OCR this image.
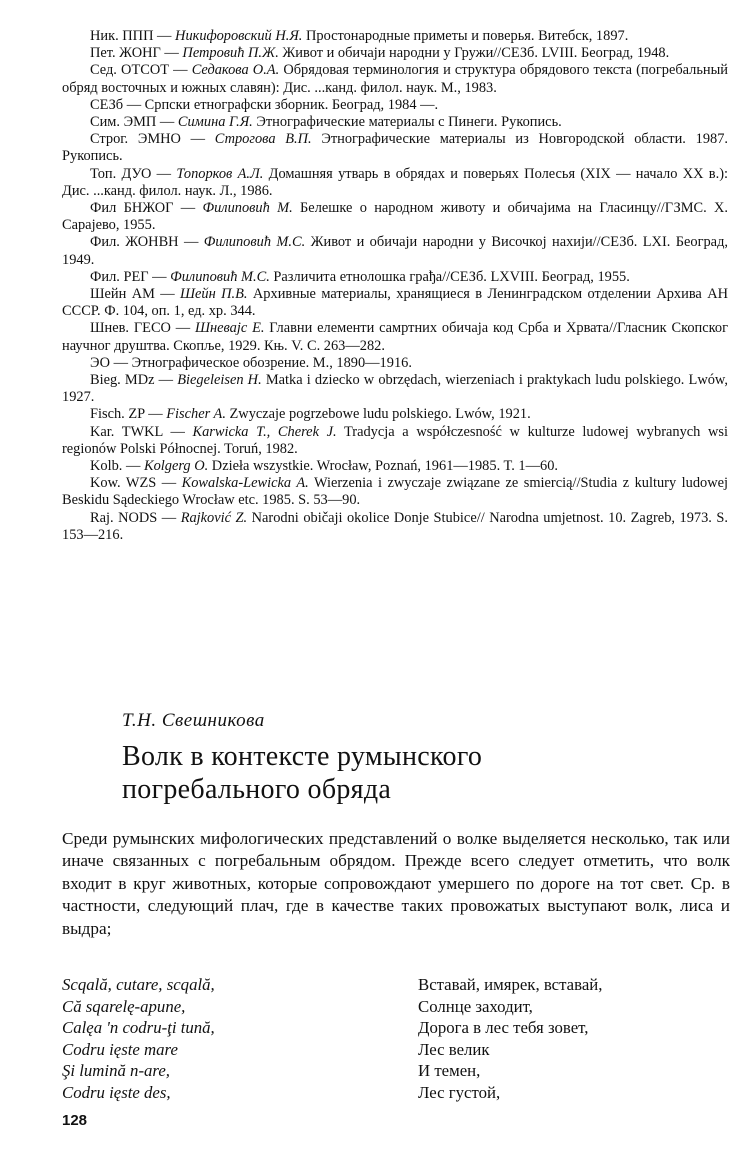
Ник. ППП — Никифоровский Н.Я. Простонародные приметы и поверья. Витебск, 1897.

Пет. ЖОНГ — Петровић П.Ж. Живот и обичаји народни у Гружи//СЕЗб. LVIII. Београд, 1948.

Сед. ОТСОТ — Седакова О.А. Обрядовая терминология и структура обрядового текста (погребальный обряд восточных и южных славян): Дис. ...канд. филол. наук. М., 1983.

СЕЗб — Српски етнографски зборник. Београд, 1984 —.

Сим. ЭМП — Симина Г.Я. Этнографические материалы с Пинеги. Рукопись.

Строг. ЭМНО — Строгова В.П. Этнографические материалы из Новгородской области. 1987. Рукопись.

Топ. ДУО — Топорков А.Л. Домашняя утварь в обрядах и поверьях Полесья (XIX — начало XX в.): Дис. ...канд. филол. наук. Л., 1986.

Фил БНЖОГ — Филиповић М. Белешке о народном животу и обичајима на Гласинцу//ГЗМС. X. Сарајево, 1955.

Фил. ЖОНВН — Филиповић М.С. Живот и обичаји народни у Височкој нахији//СЕЗб. LXI. Београд, 1949.

Фил. РЕГ — Филиповић М.С. Различита етнолошка грађа//СЕЗб. LXVIII. Београд, 1955.

Шейн АМ — Шейн П.В. Архивные материалы, хранящиеся в Ленинградском отделении Архива АН СССР. Ф. 104, оп. 1, ед. хр. 344.

Шнев. ГЕСО — Шневајс Е. Главни елементи самртних обичаја код Срба и Хрвата//Гласник Скопског научног друштва. Скопље, 1929. Књ. V. С. 263—282.

ЭО — Этнографическое обозрение. М., 1890—1916.

Bieg. MDz — Biegeleisen H. Matka i dziecko w obrzędach, wierzeniach i praktykach ludu polskiego. Lwów, 1927.

Fisch. ZP — Fischer A. Zwyczaje pogrzebowe ludu polskiego. Lwów, 1921.

Kar. TWKL — Karwicka T., Cherek J. Tradycja a współczesność w kulturze ludowej wybranych wsi regionów Polski Północnej. Toruń, 1982.

Kolb. — Kolgerg O. Dzieła wszystkie. Wrocław, Poznań, 1961—1985. T. 1—60.

Kow. WZS — Kowalska-Lewicka A. Wierzenia i zwyczaje związane ze smiercią//Studia z kultury ludowej Beskidu Sądeckiego Wrocław etc. 1985. S. 53—90.

Raj. NODS — Rajković Z. Narodni običaji okolice Donje Stubice// Narodna umjetnost. 10. Zagreb, 1973. S. 153—216.

Т.Н. Свешникова
Волк в контексте румынского
погребального обряда

Среди румынских мифологических представлений о волке выделяется несколько, так или иначе связанных с погребальным обрядом. Прежде всего следует отметить, что волк входит в круг животных, которые сопровождают умершего по дороге на тот свет. Ср. в частности, следующий плач, где в качестве таких провожатых выступают волк, лиса и выдра;

Scqală, cutare, scqală,	Вставай, имярек, вставай,
Că sqarelę-apune,	Солнце заходит,
Calęa 'n codru-ţi tună,	Дорога в лес тебя зовет,
Codru ięste mare	Лес велик
Şi lumină n-are,	И темен,
Codru ięste des,	Лес густой,
128
